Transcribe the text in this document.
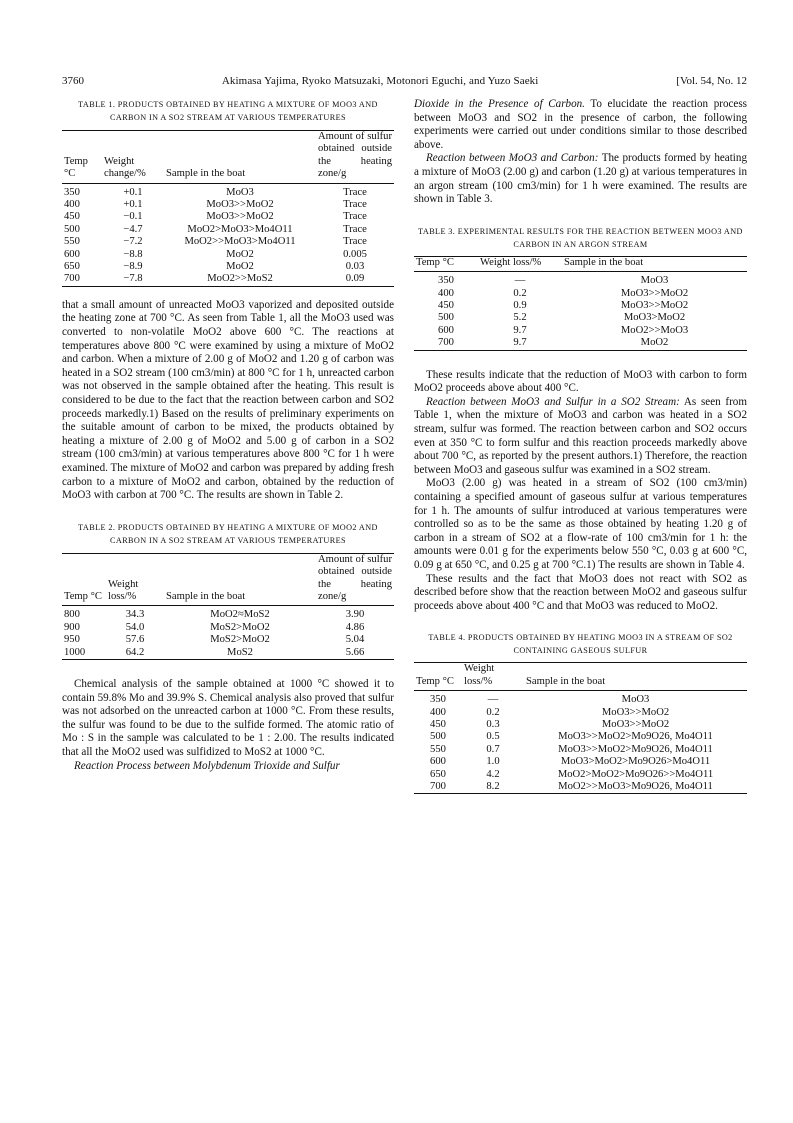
3760	Akimasa Yajima, Ryoko Matsuzaki, Motonori Eguchi, and Yuzo Saeki	[Vol. 54, No. 12
TABLE 1. PRODUCTS OBTAINED BY HEATING A MIXTURE OF MOO3 AND CARBON IN A SO2 STREAM AT VARIOUS TEMPERATURES
Temp °C	Weight change/%	Sample in the boat	Amount of sulfur obtained outside the heating zone/g
350	+0.1	MoO3	Trace
400	+0.1	MoO3>>MoO2	Trace
450	−0.1	MoO3>>MoO2	Trace
500	−4.7	MoO2>MoO3>Mo4O11	Trace
550	−7.2	MoO2>>MoO3>Mo4O11	Trace
600	−8.8	MoO2	0.005
650	−8.9	MoO2	0.03
700	−7.8	MoO2>>MoS2	0.09

that a small amount of unreacted MoO3 vaporized and deposited outside the heating zone at 700 °C. As seen from Table 1, all the MoO3 used was converted to non-volatile MoO2 above 600 °C. The reactions at temperatures above 800 °C were examined by using a mixture of MoO2 and carbon. When a mixture of 2.00 g of MoO2 and 1.20 g of carbon was heated in a SO2 stream (100 cm3/min) at 800 °C for 1 h, unreacted carbon was not observed in the sample obtained after the heating. This result is considered to be due to the fact that the reaction between carbon and SO2 proceeds markedly.1) Based on the results of preliminary experiments on the suitable amount of carbon to be mixed, the products obtained by heating a mixture of 2.00 g of MoO2 and 5.00 g of carbon in a SO2 stream (100 cm3/min) at various temperatures above 800 °C for 1 h were examined. The mixture of MoO2 and carbon was prepared by adding fresh carbon to a mixture of MoO2 and carbon, obtained by the reduction of MoO3 with carbon at 700 °C. The results are shown in Table 2.

TABLE 2. PRODUCTS OBTAINED BY HEATING A MIXTURE OF MOO2 AND CARBON IN A SO2 STREAM AT VARIOUS TEMPERATURES
Temp °C	Weight loss/%	Sample in the boat	Amount of sulfur obtained outside the heating zone/g
800	34.3	MoO2≈MoS2	3.90
900	54.0	MoS2>MoO2	4.86
950	57.6	MoS2>MoO2	5.04
1000	64.2	MoS2	5.66

Chemical analysis of the sample obtained at 1000 °C showed it to contain 59.8% Mo and 39.9% S. Chemical analysis also proved that sulfur was not adsorbed on the unreacted carbon at 1000 °C. From these results, the sulfur was found to be due to the sulfide formed. The atomic ratio of Mo : S in the sample was calculated to be 1 : 2.00. The results indicated that all the MoO2 used was sulfidized to MoS2 at 1000 °C.

Reaction Process between Molybdenum Trioxide and Sulfur

Dioxide in the Presence of Carbon. To elucidate the reaction process between MoO3 and SO2 in the presence of carbon, the following experiments were carried out under conditions similar to those described above.

Reaction between MoO3 and Carbon: The products formed by heating a mixture of MoO3 (2.00 g) and carbon (1.20 g) at various temperatures in an argon stream (100 cm3/min) for 1 h were examined. The results are shown in Table 3.

TABLE 3. EXPERIMENTAL RESULTS FOR THE REACTION BETWEEN MOO3 AND CARBON IN AN ARGON STREAM
Temp °C	Weight loss/%	Sample in the boat
350	—	MoO3
400	0.2	MoO3>>MoO2
450	0.9	MoO3>>MoO2
500	5.2	MoO3>MoO2
600	9.7	MoO2>>MoO3
700	9.7	MoO2

These results indicate that the reduction of MoO3 with carbon to form MoO2 proceeds above about 400 °C.

Reaction between MoO3 and Sulfur in a SO2 Stream: As seen from Table 1, when the mixture of MoO3 and carbon was heated in a SO2 stream, sulfur was formed. The reaction between carbon and SO2 occurs even at 350 °C to form sulfur and this reaction proceeds markedly above about 700 °C, as reported by the present authors.1) Therefore, the reaction between MoO3 and gaseous sulfur was examined in a SO2 stream.

MoO3 (2.00 g) was heated in a stream of SO2 (100 cm3/min) containing a specified amount of gaseous sulfur at various temperatures for 1 h. The amounts of sulfur introduced at various temperatures were controlled so as to be the same as those obtained by heating 1.20 g of carbon in a stream of SO2 at a flow-rate of 100 cm3/min for 1 h: the amounts were 0.01 g for the experiments below 550 °C, 0.03 g at 600 °C, 0.09 g at 650 °C, and 0.25 g at 700 °C.1) The results are shown in Table 4.

These results and the fact that MoO3 does not react with SO2 as described before show that the reaction between MoO2 and gaseous sulfur proceeds above about 400 °C and that MoO3 was reduced to MoO2.

TABLE 4. PRODUCTS OBTAINED BY HEATING MOO3 IN A STREAM OF SO2 CONTAINING GASEOUS SULFUR
Temp °C	Weight loss/%	Sample in the boat
350	—	MoO3
400	0.2	MoO3>>MoO2
450	0.3	MoO3>>MoO2
500	0.5	MoO3>>MoO2>Mo9O26, Mo4O11
550	0.7	MoO3>>MoO2>Mo9O26, Mo4O11
600	1.0	MoO3>MoO2>Mo9O26>Mo4O11
650	4.2	MoO2>MoO2>Mo9O26>>Mo4O11
700	8.2	MoO2>>MoO3>Mo9O26, Mo4O11
